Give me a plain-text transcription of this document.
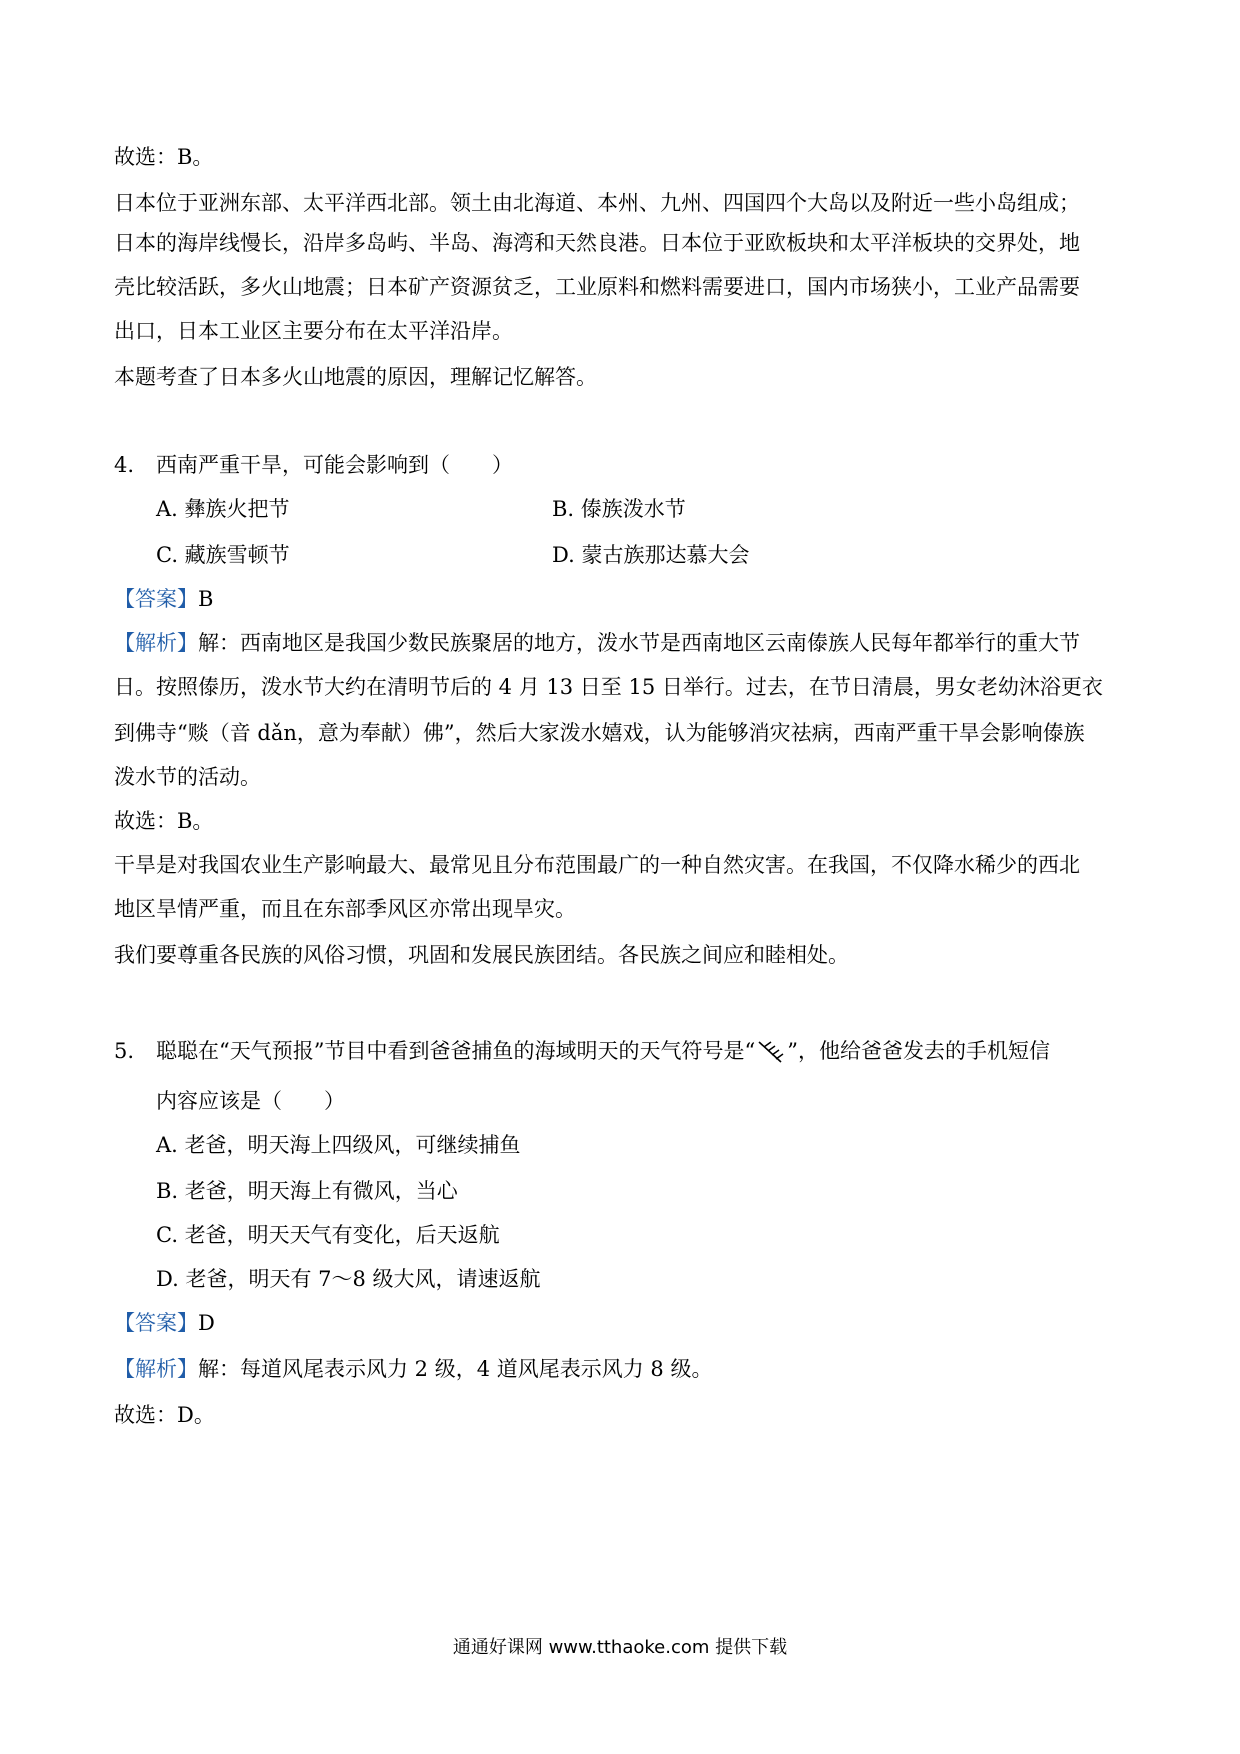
故选：B。
日本位于亚洲东部、太平洋西北部。领土由北海道、本州、九州、四国四个大岛以及附近一些小岛组成；
日本的海岸线慢长，沿岸多岛屿、半岛、海湾和天然良港。日本位于亚欧板块和太平洋板块的交界处，地
壳比较活跃，多火山地震；日本矿产资源贫乏，工业原料和燃料需要进口，国内市场狭小，工业产品需要
出口，日本工业区主要分布在太平洋沿岸。
本题考查了日本多火山地震的原因，理解记忆解答。
4. 西南严重干旱，可能会影响到（　　）
A. 彝族火把节	B. 傣族泼水节
C. 藏族雪顿节	D. 蒙古族那达慕大会
【答案】B
【解析】解：西南地区是我国少数民族聚居的地方，泼水节是西南地区云南傣族人民每年都举行的重大节
日。按照傣历，泼水节大约在清明节后的 4 月 13 日至 15 日举行。过去，在节日清晨，男女老幼沐浴更衣
到佛寺“赕（音 dǎn，意为奉献）佛”，然后大家泼水嬉戏，认为能够消灾祛病，西南严重干旱会影响傣族
泼水节的活动。
故选：B。
干旱是对我国农业生产影响最大、最常见且分布范围最广的一种自然灾害。在我国，不仅降水稀少的西北
地区旱情严重，而且在东部季风区亦常出现旱灾。
我们要尊重各民族的风俗习惯，巩固和发展民族团结。各民族之间应和睦相处。
5. 聪聪在“天气预报”节目中看到爸爸捕鱼的海域明天的天气符号是“ ”，他给爸爸发去的手机短信
内容应该是（　　）
A. 老爸，明天海上四级风，可继续捕鱼
B. 老爸，明天海上有微风，当心
C. 老爸，明天天气有变化，后天返航
D. 老爸，明天有 7～8 级大风，请速返航
【答案】D
【解析】解：每道风尾表示风力 2 级，4 道风尾表示风力 8 级。
故选：D。
通通好课网 www.tthaoke.com 提供下载
